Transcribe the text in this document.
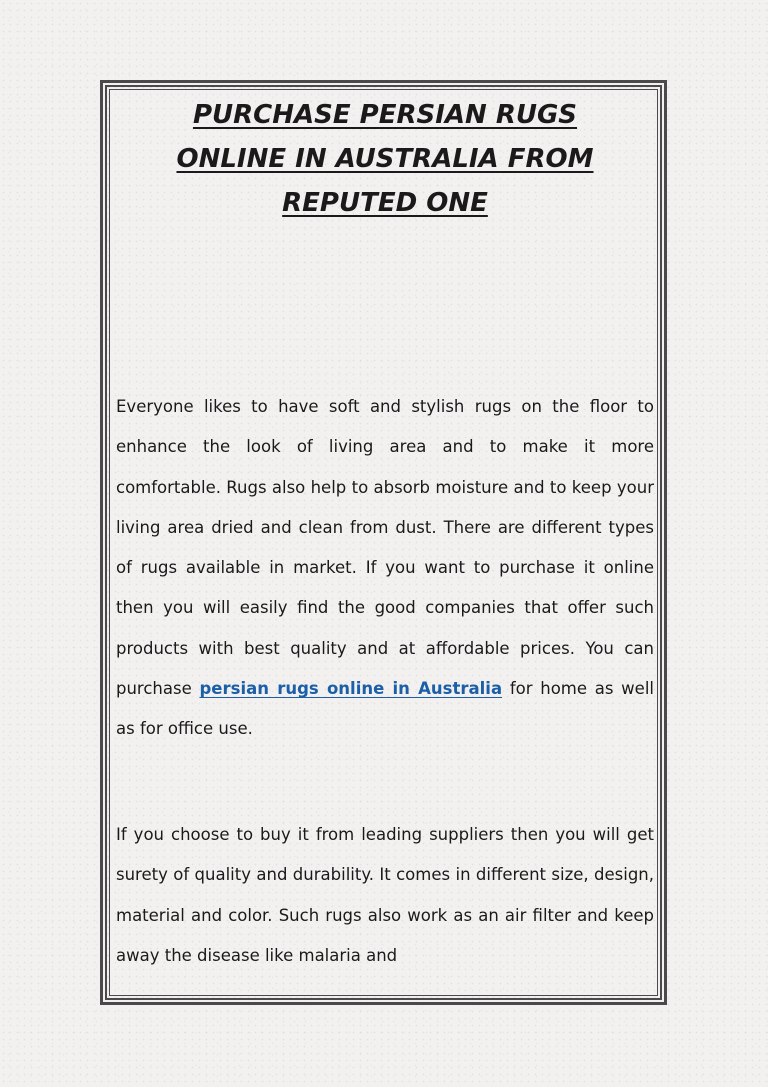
PURCHASE PERSIAN RUGS
ONLINE IN AUSTRALIA FROM
REPUTED ONE

Everyone likes to have soft and stylish rugs on the floor to enhance the look of living area and to make it more comfortable. Rugs also help to absorb moisture and to keep your living area dried and clean from dust. There are different types of rugs available in market. If you want to purchase it online then you will easily find the good companies that offer such products with best quality and at affordable prices. You can purchase persian rugs online in Australia for home as well as for office use.

If you choose to buy it from leading suppliers then you will get surety of quality and durability. It comes in different size, design, material and color. Such rugs also work as an air filter and keep away the disease like malaria and
